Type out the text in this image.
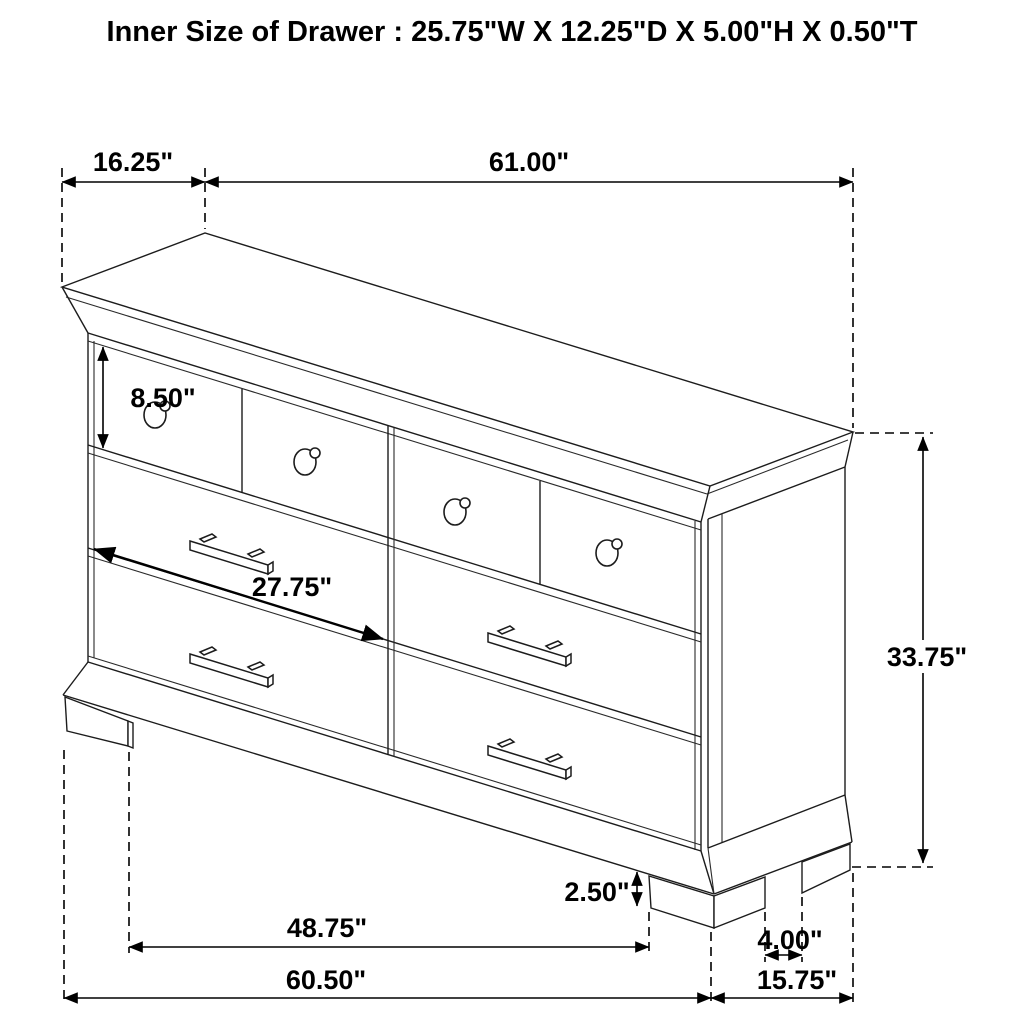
16.25"	61.00"
8.50"
27.75"
33.75"
2.50"
48.75"	4.00"
60.50"	15.75"
Inner Size of Drawer : 25.75"W X 12.25"D X 5.00"H X 0.50"T
